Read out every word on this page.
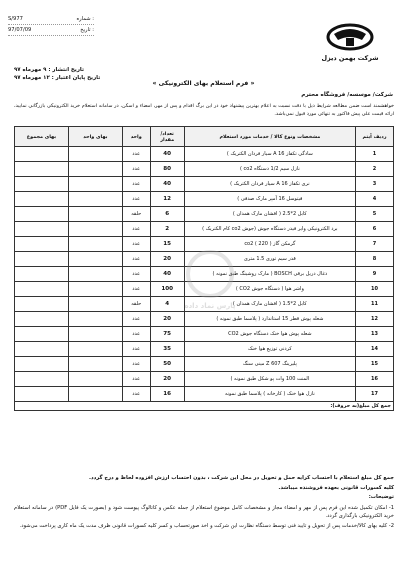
S/977	شماره :
97/07/09	تاریخ :
تاریخ انتشار : ۹ مهرماه ۹۷
تاریخ پایان اعتبار : ۱۲ مهرماه ۹۷
شرکت بهمن دیزل
« فرم استعلام بهای الکترونیکی »
شرکت/ موسسه/ فروشگاه محترم
خواهشمند است ضمن مطالعه شرایط ذیل با دقت نسبت به اعلام بهترین پیشنهاد خود در این برگ اقدام و پس از مهر، امضاء و اسکن، در سامانه استعلام خرید الکترونیکی بازرگانی نمایید، ارائه قیمت علی پیش فاکتور به تنهائی مورد قبول نمی‌باشد.
ردیف آیتم	مشخصات ونوع کالا / خدمات مورد استعلام	تعداد/ مقدار	واحد	بهای واحد	بهای مجموع
1	سادگی تکفاز 16 A سیار فردان الکتریک )	40	عدد		
2	نازل سیم 1/2 دستگاه co2 )	80	عدد		
3	نری تکفاز 16 A سیار فردان الکتریک )	40	عدد		
4	فیتوسل 16 آمپر مارک صدفی )	12	عدد		
5	کابل 2*2.5 ( افشان مارک همدان )	6	حلقه		
6	برد الکترونیکی وایر فیدر دستگاه جوش (جوش co2 کام الکتریک )	2	عدد		
7	گرمکن گاز co2 ( 220 )	15	عدد		
8	قدر سیم توری 1.5 متری	20	عدد		
9	ذغال دریل برقی BOSCH ( مارک روشینگ طبق نمونه )	40	عدد		
10	واشر هوا ( دستگاه جوش CO2 )	100	عدد		
11	کابل 2*1.5 ( افشان مارک همدان )	4	حلقه		
12	شعله پوش قطر 15 استاندارد ( پلاسما طبق نمونه )	20	عدد		
13	شعله پوش هوا خنک دستگاه جوش CO2	75	عدد		
14	کردنی توزیع هوا خنک	35	عدد		
15	پلیرینگ 607 Z مینی سنگ	50	عدد		
16	المنت 100 وات پو شکل طبق نمونه )	20	عدد		
17	نازل هوا خنک ( کارخانه ) پلاسما طبق نمونه	16	عدد		
جمع کل مبلغ(به حروف):					
پارس نماد داده

جمع کل مبلغ استعلام با احتساب کرایه حمل و تحویل در محل این شرکت ، بدون احتساب ارزش افزوده لحاظ و درج گردد.

کلیه کسورات قانونی بعهده فروشنده میباشد.

توضیحات:

1- امکان تکمیل شده این فرم پس از مهر و امضاء مجاز و مشخصات کامل موضوع استعلام از جمله عکس و کاتالوگ پیوست شود و (بصورت یک فایل PDF) در سامانه استعلام خرید الکترونیکی بارگذاری گردد.

2- کلیه بهای کالا/خدمات پس از تحویل و تایید فنی توسط دستگاه نظارت این شرکت و اخذ صورتحساب و کسر کلیه کسورات قانونی ظرف مدت یک ماه کاری پرداخت می‌شود.
